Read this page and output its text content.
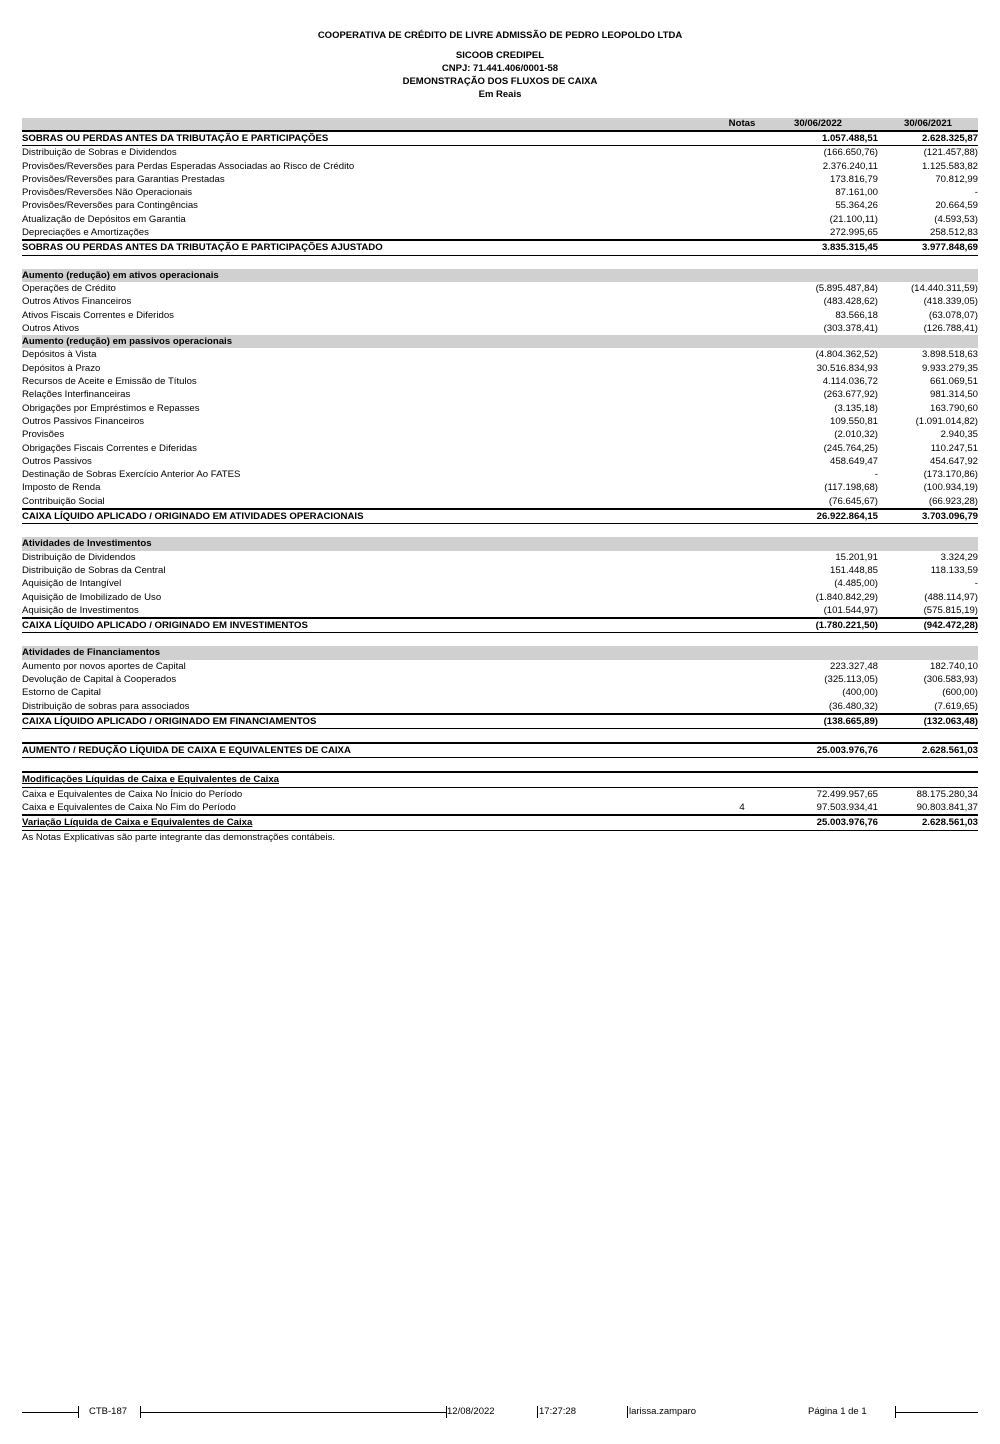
COOPERATIVA DE CRÉDITO DE LIVRE ADMISSÃO DE PEDRO LEOPOLDO LTDA
SICOOB CREDIPEL
CNPJ: 71.441.406/0001-58
DEMONSTRAÇÃO DOS FLUXOS DE CAIXA
Em Reais
Notas	30/06/2022	30/06/2021
SOBRAS OU PERDAS ANTES DA TRIBUTAÇÃO E PARTICIPAÇÕES	1.057.488,51	2.628.325,87
Distribuição de Sobras e Dividendos	(166.650,76)	(121.457,88)
Provisões/Reversões para Perdas Esperadas Associadas ao Risco de Crédito	2.376.240,11	1.125.583,82
Provisões/Reversões para Garantias Prestadas	173.816,79	70.812,99
Provisões/Reversões Não Operacionais	87.161,00	-
Provisões/Reversões para Contingências	55.364,26	20.664,59
Atualização de Depósitos em Garantia	(21.100,11)	(4.593,53)
Depreciações e Amortizações	272.995,65	258.512,83
SOBRAS OU PERDAS ANTES DA TRIBUTAÇÃO E PARTICIPAÇÕES AJUSTADO	3.835.315,45	3.977.848,69
Aumento (redução) em ativos operacionais
Operações de Crédito	(5.895.487,84)	(14.440.311,59)
Outros Ativos Financeiros	(483.428,62)	(418.339,05)
Ativos Fiscais Correntes e Diferidos	83.566,18	(63.078,07)
Outros Ativos	(303.378,41)	(126.788,41)
Aumento (redução) em passivos operacionais
Depósitos à Vista	(4.804.362,52)	3.898.518,63
Depósitos à Prazo	30.516.834,93	9.933.279,35
Recursos de Aceite e Emissão de Títulos	4.114.036,72	661.069,51
Relações Interfinanceiras	(263.677,92)	981.314,50
Obrigações por Empréstimos e Repasses	(3.135,18)	163.790,60
Outros Passivos Financeiros	109.550,81	(1.091.014,82)
Provisões	(2.010,32)	2.940,35
Obrigações Fiscais Correntes e Diferidas	(245.764,25)	110.247,51
Outros Passivos	458.649,47	454.647,92
Destinação de Sobras Exercício Anterior Ao FATES	-	(173.170,86)
Imposto de Renda	(117.198,68)	(100.934,19)
Contribuição Social	(76.645,67)	(66.923,28)
CAIXA LÍQUIDO APLICADO / ORIGINADO EM ATIVIDADES OPERACIONAIS	26.922.864,15	3.703.096,79
Atividades de Investimentos
Distribuição de Dividendos	15.201,91	3.324,29
Distribuição de Sobras da Central	151.448,85	118.133,59
Aquisição de Intangível	(4.485,00)	-
Aquisição de Imobilizado de Uso	(1.840.842,29)	(488.114,97)
Aquisição de Investimentos	(101.544,97)	(575.815,19)
CAIXA LÍQUIDO APLICADO / ORIGINADO EM INVESTIMENTOS	(1.780.221,50)	(942.472,28)
Atividades de Financiamentos
Aumento por novos aportes de Capital	223.327,48	182.740,10
Devolução de Capital à Cooperados	(325.113,05)	(306.583,93)
Estorno de Capital	(400,00)	(600,00)
Distribuição de sobras para associados	(36.480,32)	(7.619,65)
CAIXA LÍQUIDO APLICADO / ORIGINADO EM FINANCIAMENTOS	(138.665,89)	(132.063,48)
AUMENTO / REDUÇÃO LÍQUIDA DE CAIXA E EQUIVALENTES DE CAIXA	25.003.976,76	2.628.561,03
Modificações Líquidas de Caixa e Equivalentes de Caixa
Caixa e Equivalentes de Caixa No Ínicio do Período	72.499.957,65	88.175.280,34
Caixa e Equivalentes de Caixa No Fim do Período	4	97.503.934,41	90.803.841,37
Variação Líquida de Caixa e Equivalentes de Caixa	25.003.976,76	2.628.561,03
As Notas Explicativas são parte integrante das demonstrações contábeis.
CTB-187	12/08/2022	17:27:28	larissa.zamparo	Página 1 de 1
